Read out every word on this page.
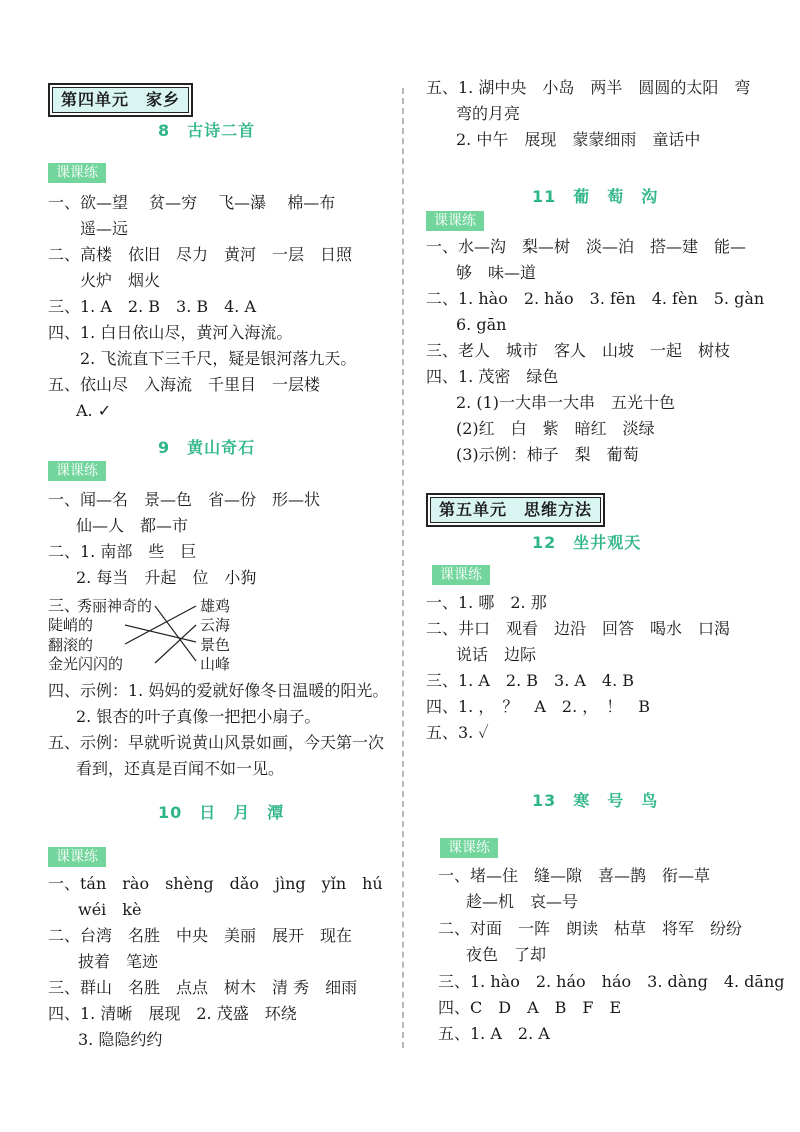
第四单元　家乡
8　古诗二首
课课练
一、欲—望　 贫—穷　 飞—瀑　 棉—布
遥—远
二、高楼　依旧　尽力　黄河　一层　日照
火炉　烟火
三、1. A　2. B　3. B　4. A
四、1. 白日依山尽，黄河入海流。
2. 飞流直下三千尺，疑是银河落九天。
五、依山尽　入海流　千里目　一层楼
A. ✓
9　黄山奇石
课课练
一、闻—名　景—色　省—份　形—状
仙—人　都—市
二、1. 南部　些　巨
2. 每当　升起　位　小狗
三、
秀丽神奇的
陡峭的
翻滚的
金光闪闪的
雄鸡
云海
景色
山峰
四、示例：1. 妈妈的爱就好像冬日温暖的阳光。
2. 银杏的叶子真像一把把小扇子。
五、示例：早就听说黄山风景如画，今天第一次
看到，还真是百闻不如一见。
10　日　月　潭
课课练
一、tán　rào　shèng　dǎo　jìng　yǐn　hú
wéi　kè
二、台湾　名胜　中央　美丽　展开　现在
披着　笔迹
三、群山　名胜　点点　树木　清 秀　细雨
四、1. 清晰　展现　2. 茂盛　环绕
3. 隐隐约约
五、1. 湖中央　小岛　两半　圆圆的太阳　弯
弯的月亮
2. 中午　展现　蒙蒙细雨　童话中
11　葡　萄　沟
课课练
一、水—沟　梨—树　淡—泊　搭—建　能—
够　味—道
二、1. hào　2. hǎo　3. fēn　4. fèn　5. gàn
6. gān
三、老人　城市　客人　山坡　一起　树枝
四、1. 茂密　绿色
2. (1)一大串一大串　五光十色
(2)红　白　紫　暗红　淡绿
(3)示例：柿子　梨　葡萄
第五单元　思维方法
12　坐井观天
课课练
一、1. 哪　2. 那
二、井口　观看　边沿　回答　喝水　口渴
说话　边际
三、1. A　2. B　3. A　4. B
四、1. ，　？　A　2. ，　！　B
五、3. ✓
13　寒　号　鸟
课课练
一、堵—住　缝—隙　喜—鹊　衔—草
趁—机　哀—号
二、对面　一阵　朗读　枯草　将军　纷纷
夜色　了却
三、1. hào　2. háo　háo　3. dàng　4. dāng
四、C　D　A　B　F　E
五、1. A　2. A
